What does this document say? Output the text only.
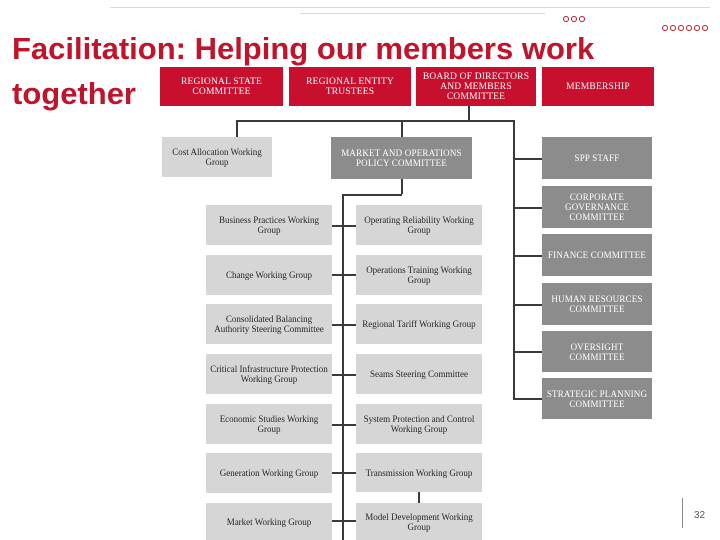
Facilitation: Helping our members work together	REGIONAL STATE COMMITTEE
REGIONAL ENTITY TRUSTEES
BOARD OF DIRECTORS AND MEMBERS COMMITTEE
MEMBERSHIP
Cost Allocation Working Group
MARKET AND OPERATIONS POLICY COMMITTEE	SPP STAFF
CORPORATE GOVERNANCE COMMITTEE
FINANCE COMMITTEE
HUMAN RESOURCES COMMITTEE
OVERSIGHT COMMITTEE
STRATEGIC PLANNING COMMITTEE
Business Practices Working Group
Change Working Group
Consolidated Balancing Authority Steering Committee
Critical Infrastructure Protection Working Group
Economic Studies Working Group
Generation Working Group
Market Working Group
Operating Reliability Working Group
Operations Training Working Group
Regional Tariff Working Group
Seams Steering Committee
System Protection and Control Working Group
Transmission Working Group
Model Development Working Group
32
